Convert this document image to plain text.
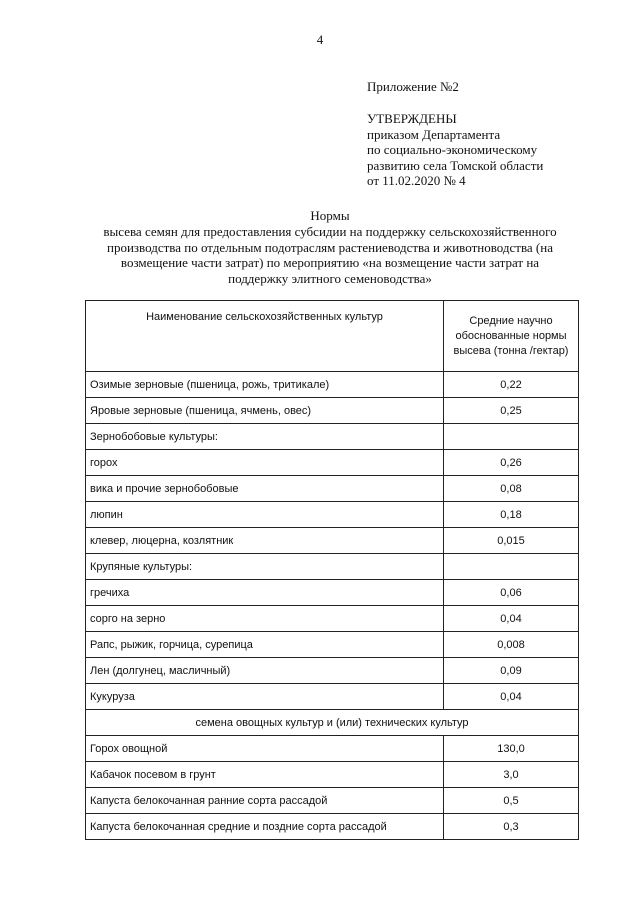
4
Приложение №2
УТВЕРЖДЕНЫ
приказом Департамента
по социально-экономическому
развитию села Томской области
от 11.02.2020 № 4
Нормы
высева семян для предоставления субсидии на поддержку сельскохозяйственного
производства по отдельным подотраслям растениеводства и животноводства (на
возмещение части затрат) по мероприятию «на возмещение части затрат на
поддержку элитного семеноводства»
Наименование сельскохозяйственных культур	Средние научно
обоснованные нормы
высева (тонна /гектар)

Озимые зерновые (пшеница, рожь, тритикале)	0,22
Яровые зерновые (пшеница, ячмень, овес)	0,25
Зернобобовые культуры:	
горох	0,26
вика и прочие зернобобовые	0,08
люпин	0,18
клевер, люцерна, козлятник	0,015
Крупяные культуры:	
гречиха	0,06
сорго на зерно	0,04
Рапс, рыжик, горчица, сурепица	0,008
Лен (долгунец, масличный)	0,09
Кукуруза	0,04
семена овощных культур и (или) технических культур	
Горох овощной	130,0
Кабачок посевом в грунт	3,0
Капуста белокочанная ранние сорта рассадой	0,5
Капуста белокочанная средние и поздние сорта рассадой	0,3
